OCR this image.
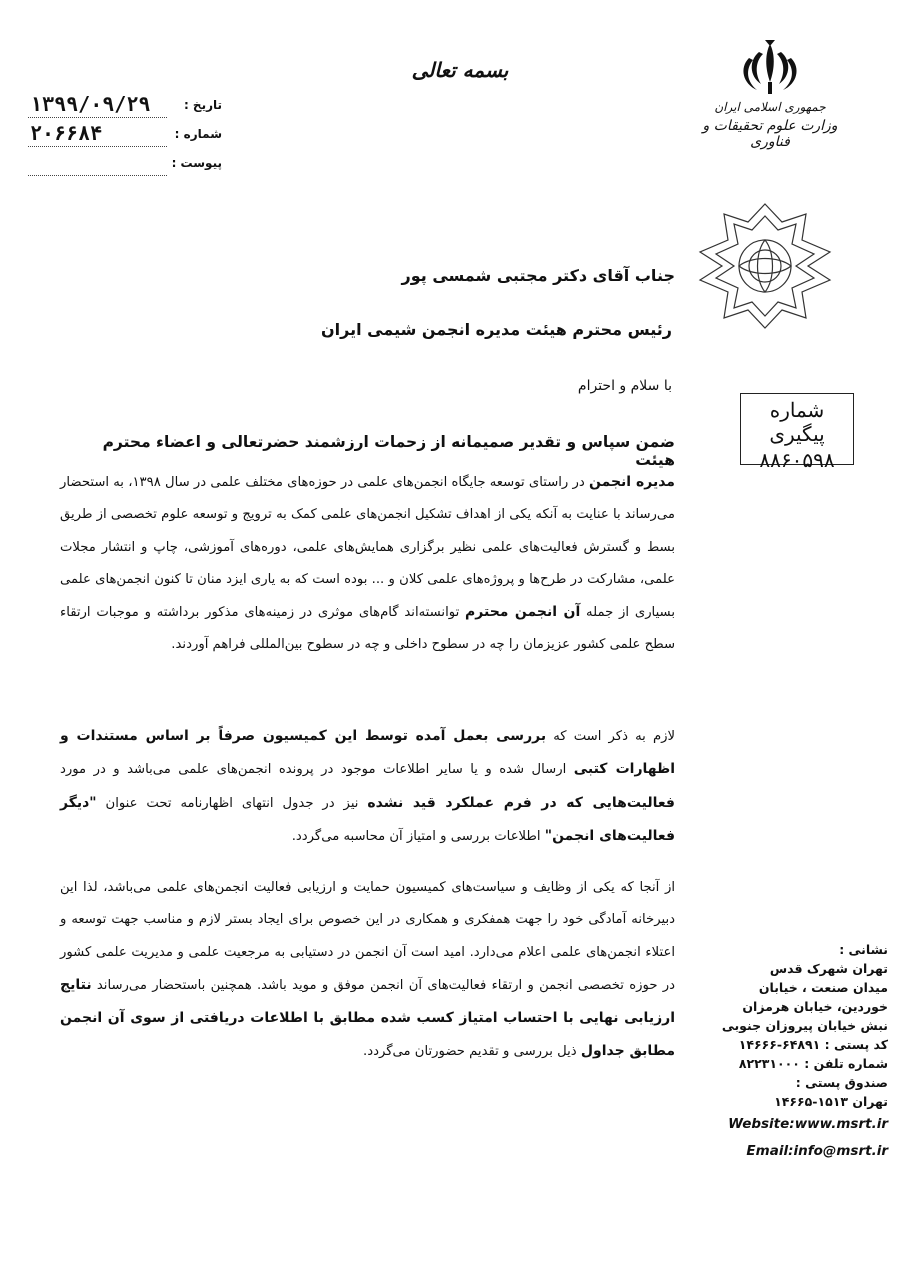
بسمه تعالی
تاریخ :
۱۳۹۹/۰۹/۲۹
شماره :
۲۰۶۶۸۴
پیوست :
جمهوری اسلامی ایران
وزارت علوم تحقیقات و فناوری
شماره پیگیری
۸۸۶۰۵۹۸
جناب آقای دکتر مجتبی شمسی پور
رئیس محترم هیئت مدیره انجمن شیمی ایران
با سلام و احترام
ضمن سپاس و تقدیر صمیمانه از زحمات ارزشمند حضرتعالی و اعضاء محترم هیئت
مدیره انجمن در راستای توسعه جایگاه انجمن‌های علمی در حوزه‌های مختلف علمی در سال ۱۳۹۸، به استحضار می‌رساند با عنایت به آنکه یکی از اهداف تشکیل انجمن‌های علمی کمک به ترویج و توسعه علوم تخصصی از طریق بسط و گسترش فعالیت‌های علمی نظیر برگزاری همایش‌های علمی، دوره‌های آموزشی، چاپ و انتشار مجلات علمی، مشارکت در طرح‌ها و پروژه‌های علمی کلان و ... بوده است که به یاری ایزد منان تا کنون انجمن‌های علمی بسیاری از جمله آن انجمن محترم توانسته‌اند گام‌های موثری در زمینه‌های مذکور برداشته و موجبات ارتقاء سطح علمی کشور عزیزمان را چه در سطوح داخلی و چه در سطوح بین‌المللی فراهم آوردند.
لازم به ذکر است که بررسی بعمل آمده توسط این کمیسیون صرفاً بر اساس مستندات و اظهارات کتبی ارسال شده و یا سایر اطلاعات موجود در پرونده انجمن‌های علمی می‌باشد و در مورد فعالیت‌هایی که در فرم عملکرد قید نشده نیز در جدول انتهای اظهارنامه تحت عنوان "دیگر فعالیت‌های انجمن" اطلاعات بررسی و امتیاز آن محاسبه می‌گردد.
از آنجا که یکی از وظایف و سیاست‌های کمیسیون حمایت و ارزیابی فعالیت انجمن‌های علمی می‌باشد، لذا این دبیرخانه آمادگی خود را جهت همفکری و همکاری در این خصوص برای ایجاد بستر لازم و مناسب جهت توسعه و اعتلاء انجمن‌های علمی اعلام می‌دارد. امید است آن انجمن در دستیابی به مرجعیت علمی و مدیریت علمی کشور در حوزه تخصصی انجمن و ارتقاء فعالیت‌های آن انجمن موفق و موید باشد. همچنین باستحضار می‌رساند نتایج ارزیابی نهایی با احتساب امتیاز کسب شده مطابق با اطلاعات دریافتی از سوی آن انجمن مطابق جداول ذیل بررسی و تقدیم حضورتان می‌گردد.
نشانی :
تهران شهرک قدس
میدان صنعت ، خیابان
خوردین، خیابان هرمزان
نبش خیابان پیروزان جنوبی
کد پستی : ۶۴۸۹۱-۱۴۶۶۶
شماره تلفن : ۸۲۲۳۱۰۰۰
صندوق پستی :
تهران ۱۵۱۳-۱۴۶۶۵
Website:www.msrt.ir
Email:info@msrt.ir
